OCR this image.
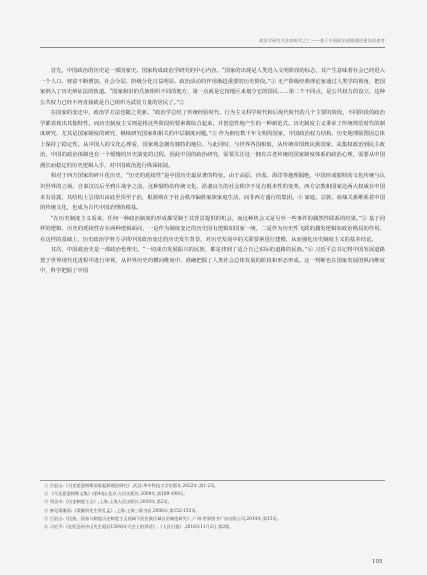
政治学研究方法的时代之仁——基于中国政治道路理论建设的思考

首先，中国政治的历史是一部国家史。国家构成政治学研究的中心内容。“国家的出现是人类进入文明阶段的标志，其产生意味着社会已经进入一个人口、财富不断增加、社会分层、阶级分化日益明显、政治活动的作用渐趋重要的历史阶段。”① 无产阶级经典理论家通过人类学的视角，把国家纳入了历史辩证法的轨道。“国家和旧的氏族组织不同的地方，第一点就是它按地区来划分它的国民……第二个不同点，是公共权力的设立，这种公共权力已经不再直接就是自己组织为武装力量的居民了。”②

在国家的变迁中，政治学方法也随之更新。“政治学总结了传统经验时代、行为主义科学时代和后现代时代的几个主要的阶段，不同阶段的政治学都表现出其独特性。而历史制度主义则是将这些阶段的要素都综合起来，并创造性地产生的一种新范式。历史制度主义秉承了传统规范时代的制度研究，尤其是国家制度的研究，继续研究国家和相关的中层制度问题。”③ 作为拥有数千年文明的国家，中国政治权力结构、历史地理版图因总体上保持了稳定性。从中国人的文化心理看，国家观念拥有独特的地位。与此同时，与世界各国相似，从传统帝国到民族国家，从集权政治到民主政治，中国的政治体制也有一个缓慢的历史演变的过程。因此中国的政治研究，需要关注这一拥有古老传统的国家制度体系的政治心理，需要从中国漫长而稳定的历史逻辑入手，对中国政治进行纵深拓展。

相对于西方国家的碎片化历史，“历史的延续性”是中国历史最显著的特征。由于高原、沙漠、海洋等地理隔绝，中国形成独特的文化传统与认识世界的立场。自秦汉以后至鸦片战争之前，这种独特的传统文化、沿袭良久的社会秩序不见有根本性的变革，西方宗教和国家这两大权威在中国未有显露，其结构上呈现出由底至顶至于治，根源则在于社会秩序偏胜家族家庭生活，而非西方盛行的集团。④ 家庭、宗族、血缘关系维系着中国的传统文化，也成为古代中国治理的根基。

“在历史制度主义看来，任何一种政治制度的形成都受制于其背景提供的机会，而这种机会又是另外一些事件的偶然性联系的结果。”⑤ 基于同样的逻辑，历史的延续性存在两种逻辑面向，一是作为制度变迁的历史因有逻辑如国家一统，二是作为历史性飞跃的偶发逻辑如政治格局的作用。在这样的基础上，历史政治学努力寻找中国政治变迁的历史发生背景，对历史发展中的关联要素进行建模，从而强化历史制度主义的基本结论。

其次，中国政治史是一部政治伦理史。“一切成功发展振兴的民族，都是找到了适合自己实际的道路的民族。”⑥ 习近平总书记将中国发展道路置于世界现代化进程中进行审视，从世界历史的横向维度中，准确把握了人类社会总体发展的阶段和形态形成。这一判断也在国家发展的纵向维度中，科学把握了中国

① 吕宏山:《马克思恩格斯国家起源理论研究》,武汉:华中科技大学出版社,2022年,第1-2页。
② 《马克思恩格斯文集》(第4卷),北京:人民出版社,2009年,第189-190页。
③ 刘圣中:《历史制度主义》,上海:上海人民出版社,2010年,第2页。
④ 参见梁漱溟:《梁漱溟先生讲孔孟》,上海:上海三联书店,2006年,第152-153页。
⑤ 吕宏山:《民族、国家与制度历史制度主义视域下的民族区域自治制度研究》,广州:世界图书广东出版公司,2014年,第13页。
⑥ 习近平:《在纪念孙中山先生诞辰150周年大会上的讲话》,《人民日报》,2016年11月2日,第2版。
105
